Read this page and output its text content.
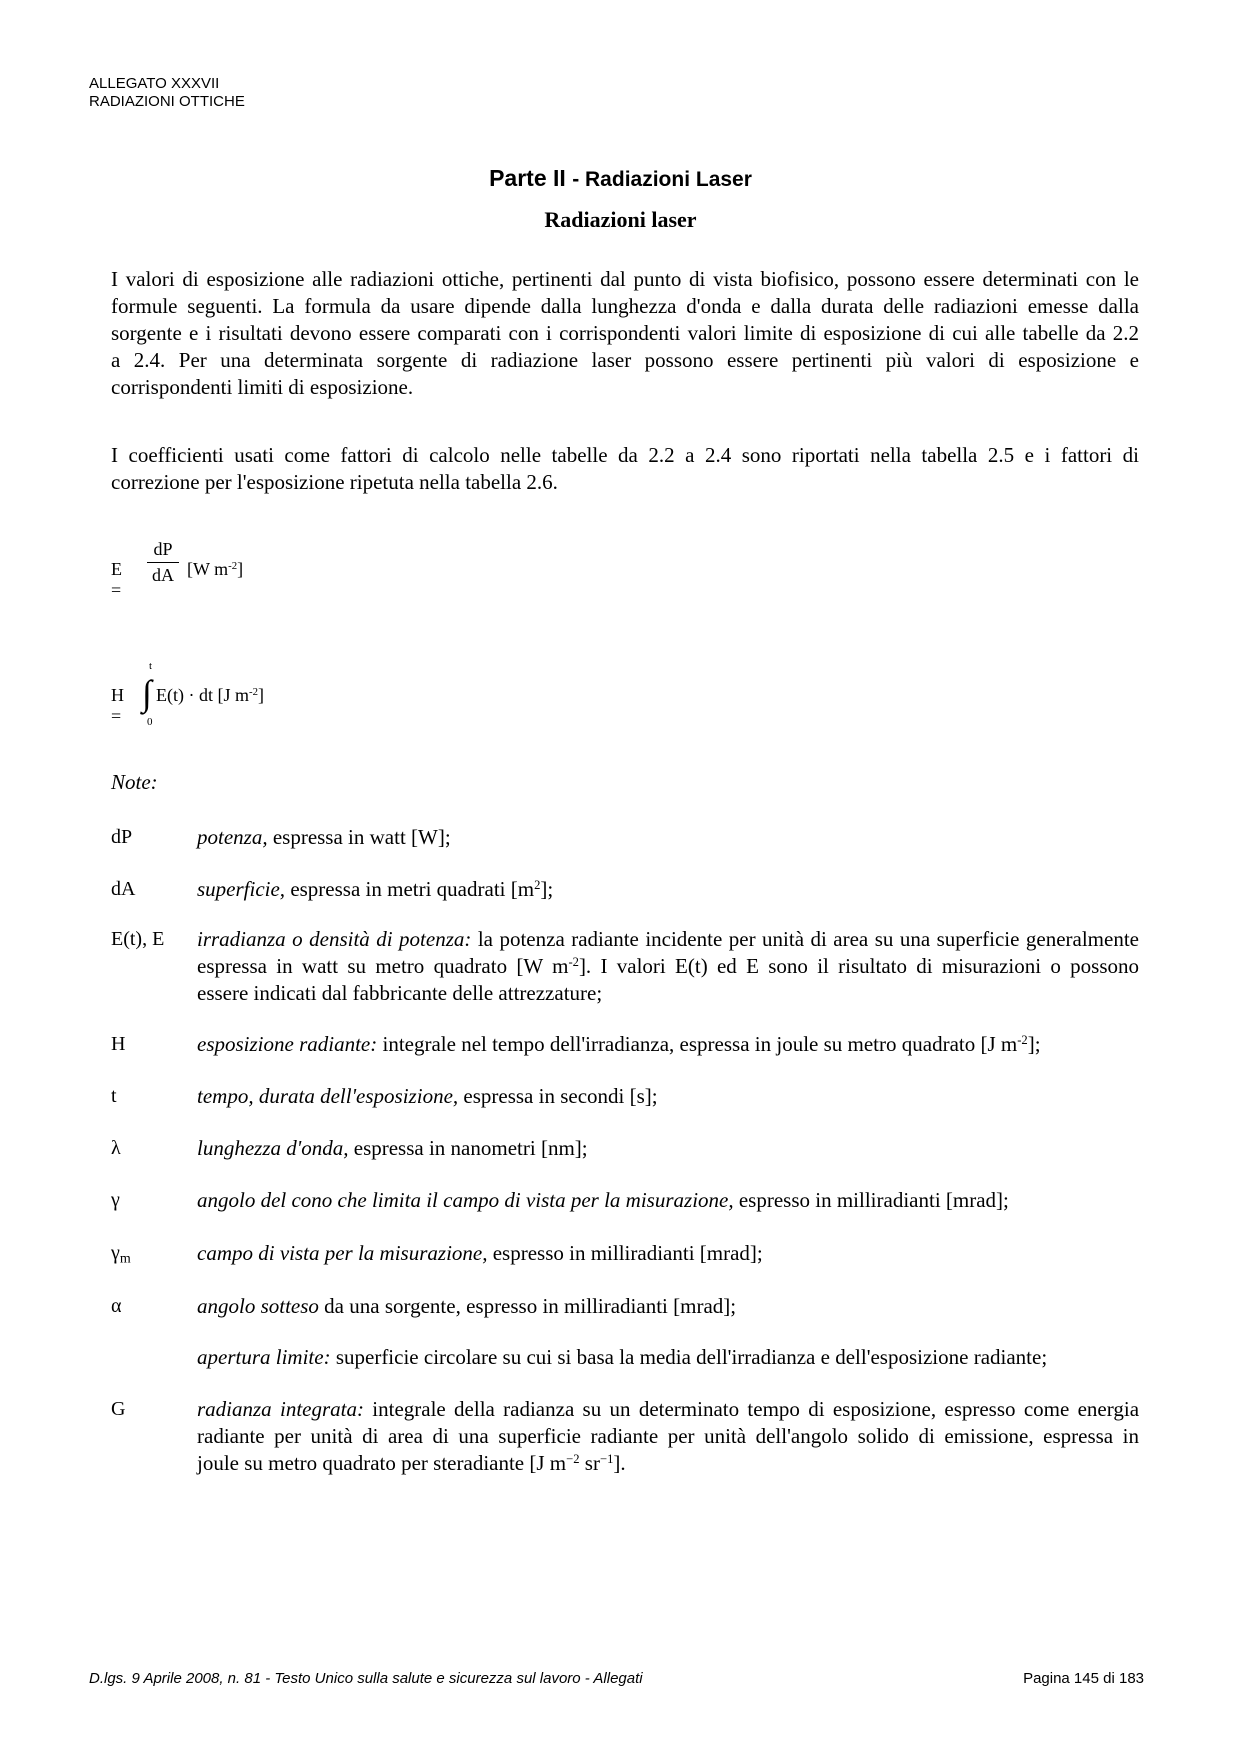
ALLEGATO XXXVII
RADIAZIONI OTTICHE
Parte II - Radiazioni Laser
Radiazioni laser
I valori di esposizione alle radiazioni ottiche, pertinenti dal punto di vista biofisico, possono essere determinati con le
formule seguenti. La formula da usare dipende dalla lunghezza d'onda e dalla durata delle radiazioni emesse dalla
sorgente e i risultati devono essere comparati con i corrispondenti valori limite di esposizione di cui alle tabelle da 2.2
a 2.4. Per una determinata sorgente di radiazione laser possono essere pertinenti più valori di esposizione e
corrispondenti limiti di esposizione.
I coefficienti usati come fattori di calcolo nelle tabelle da 2.2 a 2.4 sono riportati nella tabella 2.5 e i fattori di
correzione per l'esposizione ripetuta nella tabella 2.6.
E =
$\frac{dP}{dA} [W$ $m^{-2}$]
H =
t
∫
0
E(t) · dt [J $m^{-2}$]
Note:
dP	potenza, espressa in watt [W];
dA	superficie, espressa in metri quadrati $[m^2]$;
E(t), E	irradianza o densità di potenza: la potenza radiante incidente per unità di area su una superficie generalmente
espressa in watt su metro quadrato [W $m^{-2}$]. I valori E(t) ed E sono il risultato di misurazioni o possono
essere indicati dal fabbricante delle attrezzature;
H	esposizione radiante: integrale nel tempo dell'irradianza, espressa in joule su metro quadrato [J $m^{-2}$];
t	tempo, durata dell'esposizione, espressa in secondi [s];
λ	lunghezza d'onda, espressa in nanometri [nm];
γ	angolo del cono che limita il campo di vista per la misurazione, espresso in milliradianti [mrad];
$\gamma_m$	campo di vista per la misurazione, espresso in milliradianti [mrad];
α	angolo sotteso da una sorgente, espresso in milliradianti [mrad];
apertura limite: superficie circolare su cui si basa la media dell'irradianza e dell'esposizione radiante;
G	radianza integrata: integrale della radianza su un determinato tempo di esposizione, espresso come energia
radiante per unità di area di una superficie radiante per unità dell'angolo solido di emissione, espressa in
joule su metro quadrato per steradiante [J $m^{-2}$ $sr^{-1}$].
D.lgs. 9 Aprile 2008, n. 81 - Testo Unico sulla salute e sicurezza sul lavoro - Allegati	Pagina 145 di 183
